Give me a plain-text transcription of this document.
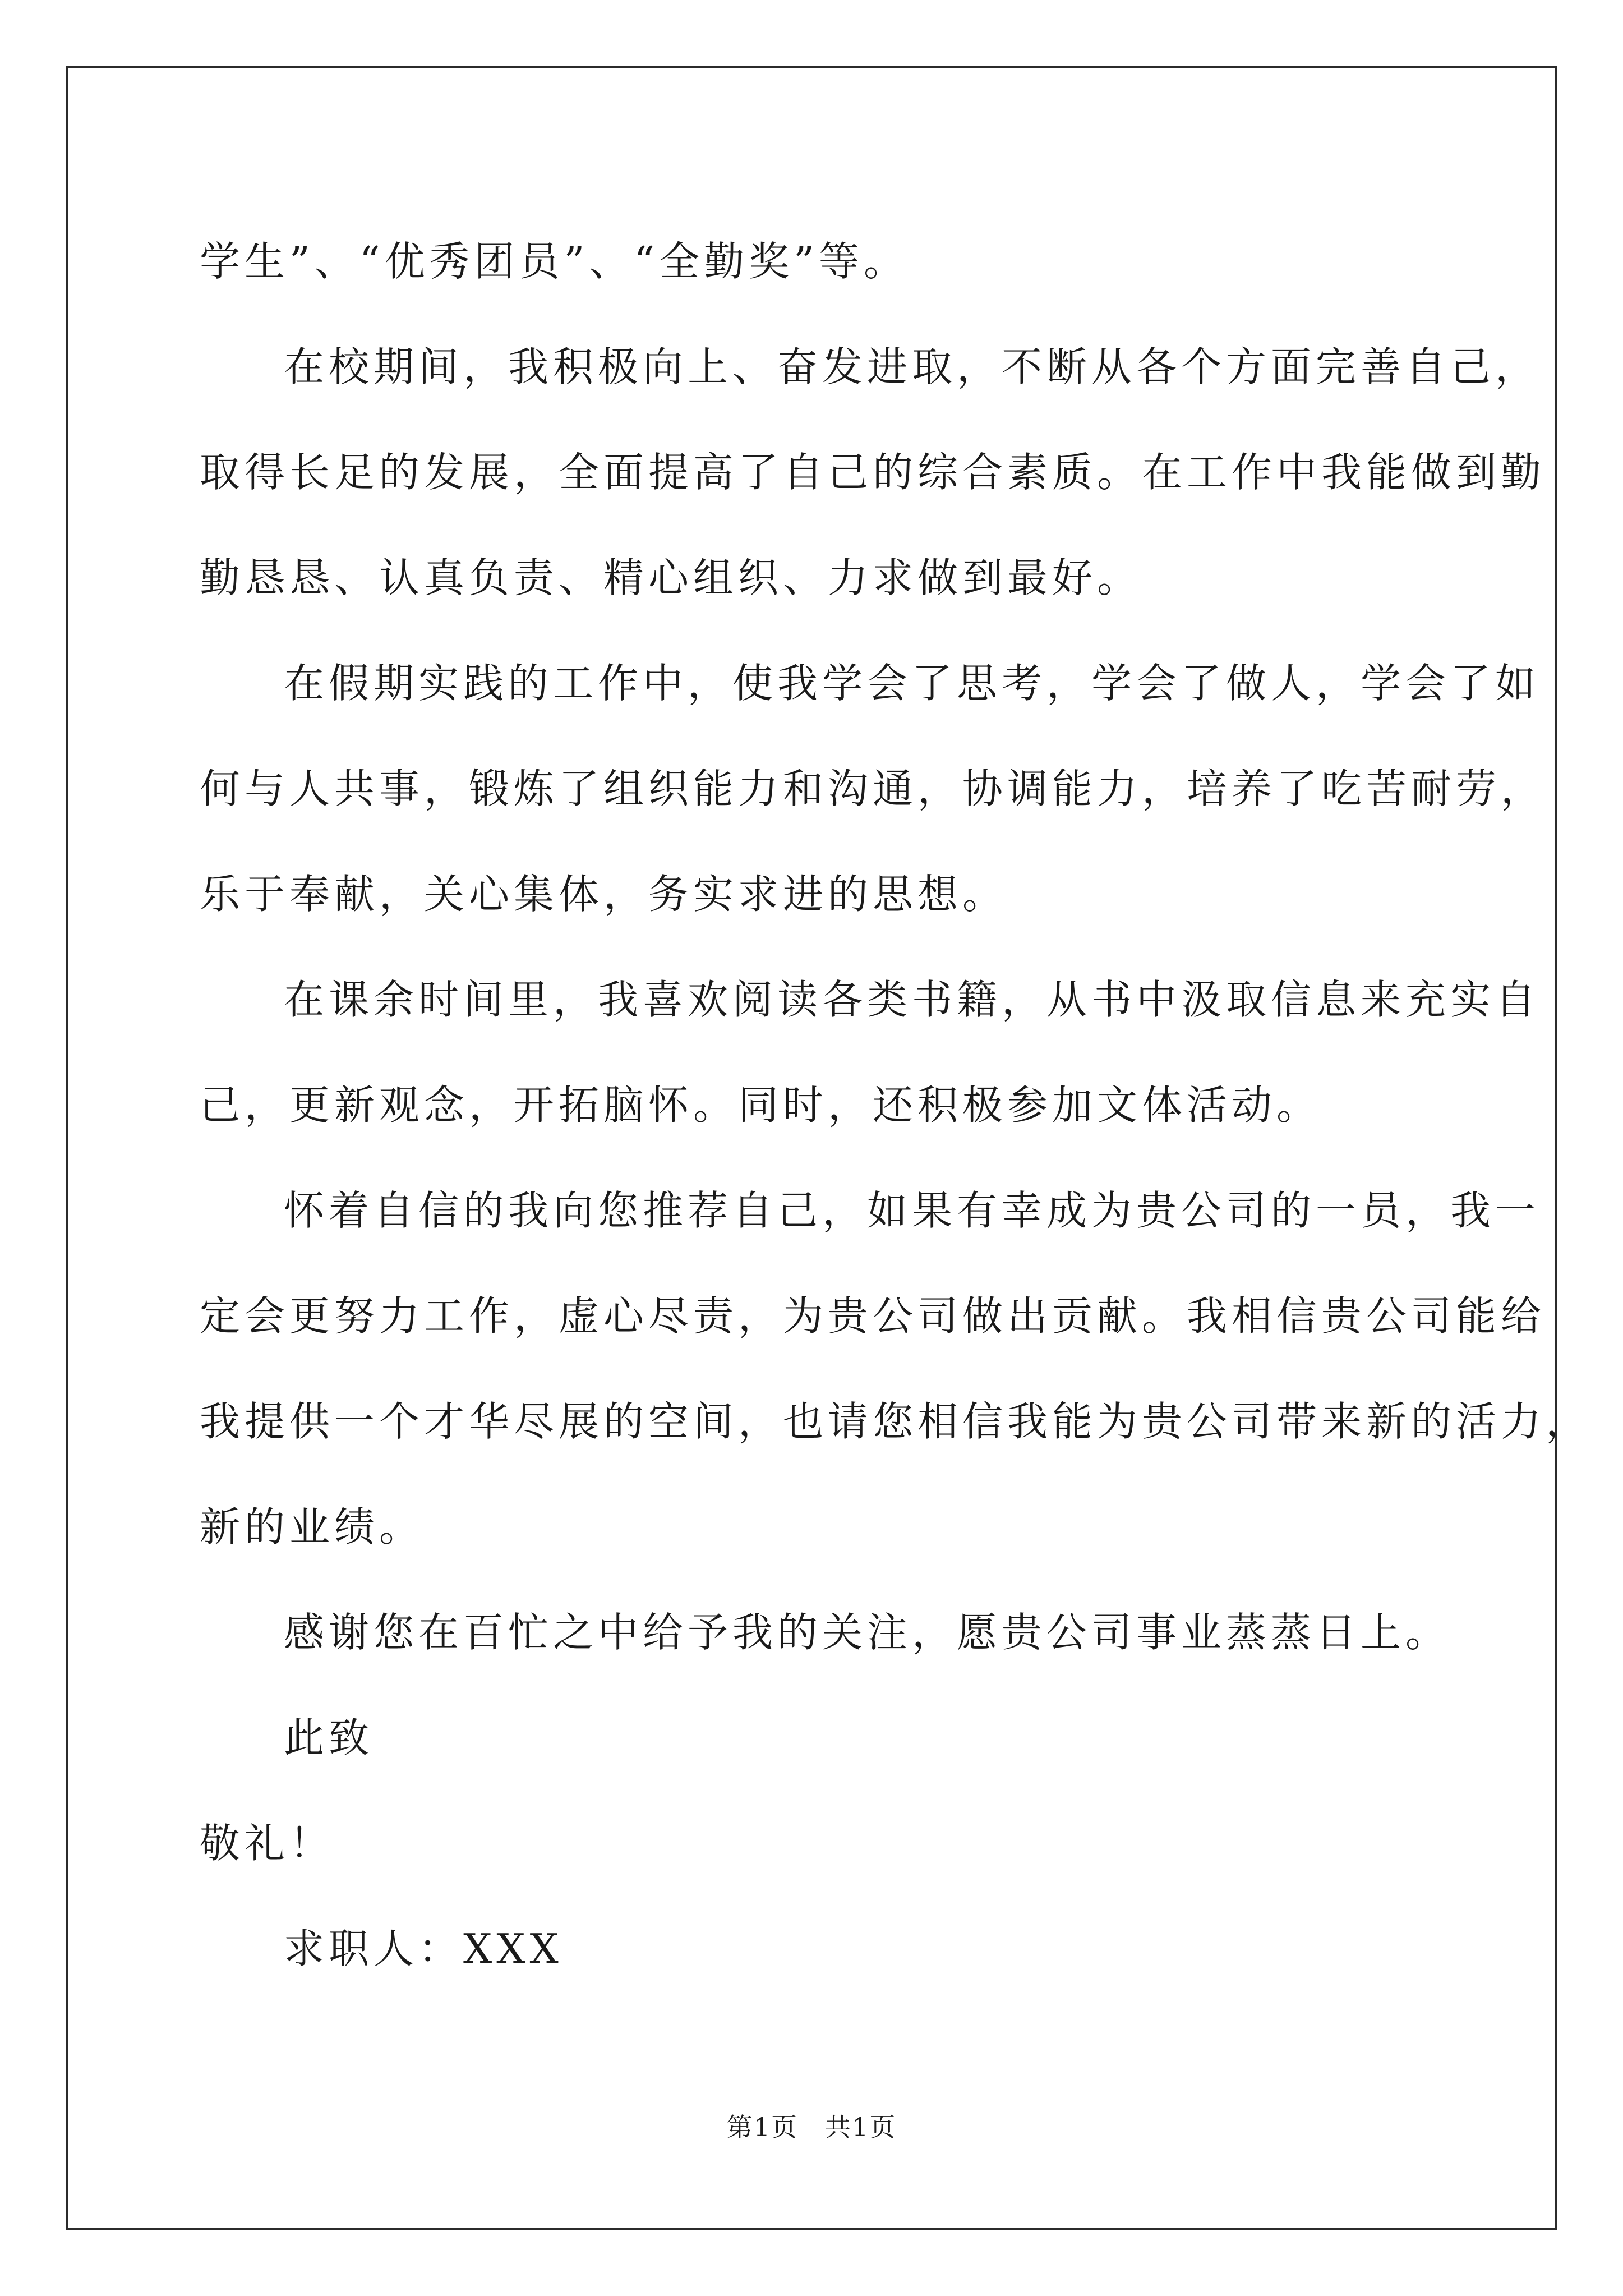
学生”、“优秀团员”、“全勤奖”等。
在校期间，我积极向上、奋发进取，不断从各个方面完善自己，
取得长足的发展，全面提高了自己的综合素质。在工作中我能做到勤
勤恳恳、认真负责、精心组织、力求做到最好。
在假期实践的工作中，使我学会了思考，学会了做人，学会了如
何与人共事，锻炼了组织能力和沟通，协调能力，培养了吃苦耐劳，
乐于奉献，关心集体，务实求进的思想。
在课余时间里，我喜欢阅读各类书籍，从书中汲取信息来充实自
己，更新观念，开拓脑怀。同时，还积极参加文体活动。
怀着自信的我向您推荐自己，如果有幸成为贵公司的一员，我一
定会更努力工作，虚心尽责，为贵公司做出贡献。我相信贵公司能给
我提供一个才华尽展的空间，也请您相信我能为贵公司带来新的活力，
新的业绩。
感谢您在百忙之中给予我的关注，愿贵公司事业蒸蒸日上。
此致
敬礼！
求职人：XXX
第1页　共1页
